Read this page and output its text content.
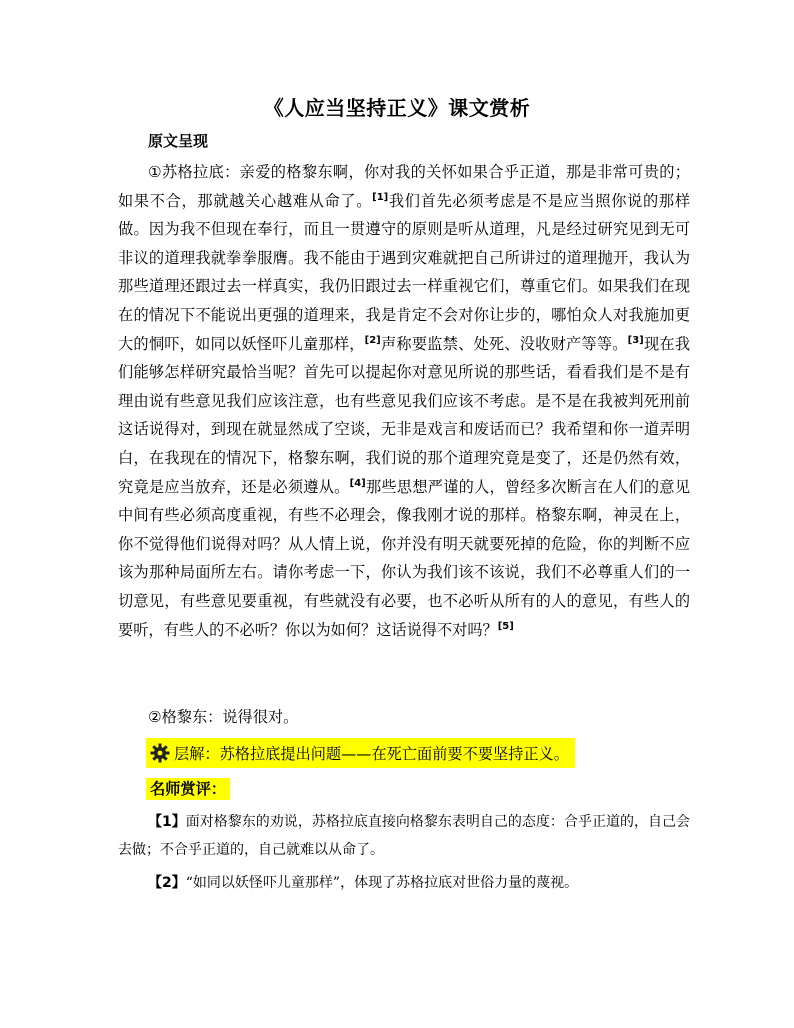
《人应当坚持正义》课文赏析
原文呈现

①苏格拉底：亲爱的格黎东啊，你对我的关怀如果合乎正道，那是非常可贵的；如果不合，那就越关心越难从命了。[1]我们首先必须考虑是不是应当照你说的那样做。因为我不但现在奉行，而且一贯遵守的原则是听从道理，凡是经过研究见到无可非议的道理我就拳拳服膺。我不能由于遇到灾难就把自己所讲过的道理抛开，我认为那些道理还跟过去一样真实，我仍旧跟过去一样重视它们，尊重它们。如果我们在现在的情况下不能说出更强的道理来，我是肯定不会对你让步的，哪怕众人对我施加更大的恫吓，如同以妖怪吓儿童那样，[2]声称要监禁、处死、没收财产等等。[3]现在我们能够怎样研究最恰当呢？首先可以提起你对意见所说的那些话，看看我们是不是有理由说有些意见我们应该注意，也有些意见我们应该不考虑。是不是在我被判死刑前这话说得对，到现在就显然成了空谈，无非是戏言和废话而已？我希望和你一道弄明白，在我现在的情况下，格黎东啊，我们说的那个道理究竟是变了，还是仍然有效，究竟是应当放弃，还是必须遵从。[4]那些思想严谨的人，曾经多次断言在人们的意见中间有些必须高度重视，有些不必理会，像我刚才说的那样。格黎东啊，神灵在上，你不觉得他们说得对吗？从人情上说，你并没有明天就要死掉的危险，你的判断不应该为那种局面所左右。请你考虑一下，你认为我们该不该说，我们不必尊重人们的一切意见，有些意见要重视，有些就没有必要，也不必听从所有的人的意见，有些人的要听，有些人的不必听？你以为如何？这话说得不对吗？[5]

②格黎东：说得很对。
层解：苏格拉底提出问题——在死亡面前要不要坚持正义。
名师赏评：
【1】面对格黎东的劝说，苏格拉底直接向格黎东表明自己的态度：合乎正道的，自己会去做；不合乎正道的，自己就难以从命了。
【2】“如同以妖怪吓儿童那样”，体现了苏格拉底对世俗力量的蔑视。
